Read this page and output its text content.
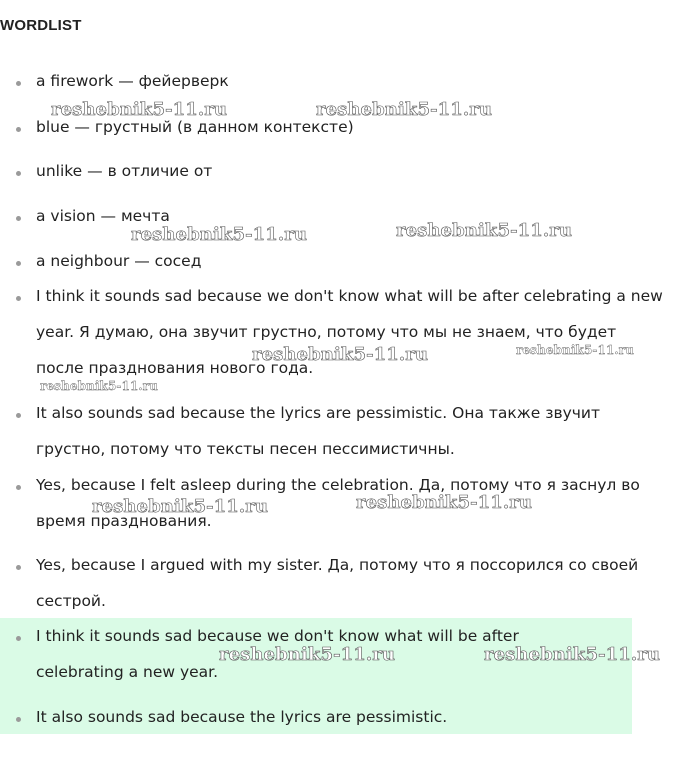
WORDLIST

a firework — фейерверк

blue — грустный (в данном контексте)

unlike — в отличие от

a vision — мечта

a neighbour — сосед

I think it sounds sad because we don't know what will be after celebrating a new year. Я думаю, она звучит грустно, потому что мы не знаем, что будет после празднования нового года.

It also sounds sad because the lyrics are pessimistic. Она также звучит грустно, потому что тексты песен пессимистичны.

Yes, because I felt asleep during the celebration. Да, потому что я заснул во время празднования.

Yes, because I argued with my sister. Да, потому что я поссорился со своей сестрой.

I think it sounds sad because we don't know what will be after celebrating a new year.

It also sounds sad because the lyrics are pessimistic.

reshebnik5-11.ru	reshebnik5-11.ru
reshebnik5-11.ru	reshebnik5-11.ru
reshebnik5-11.ru	reshebnik5-11.ru
reshebnik5-11.ru
reshebnik5-11.ru	reshebnik5-11.ru
reshebnik5-11.ru	reshebnik5-11.ru
